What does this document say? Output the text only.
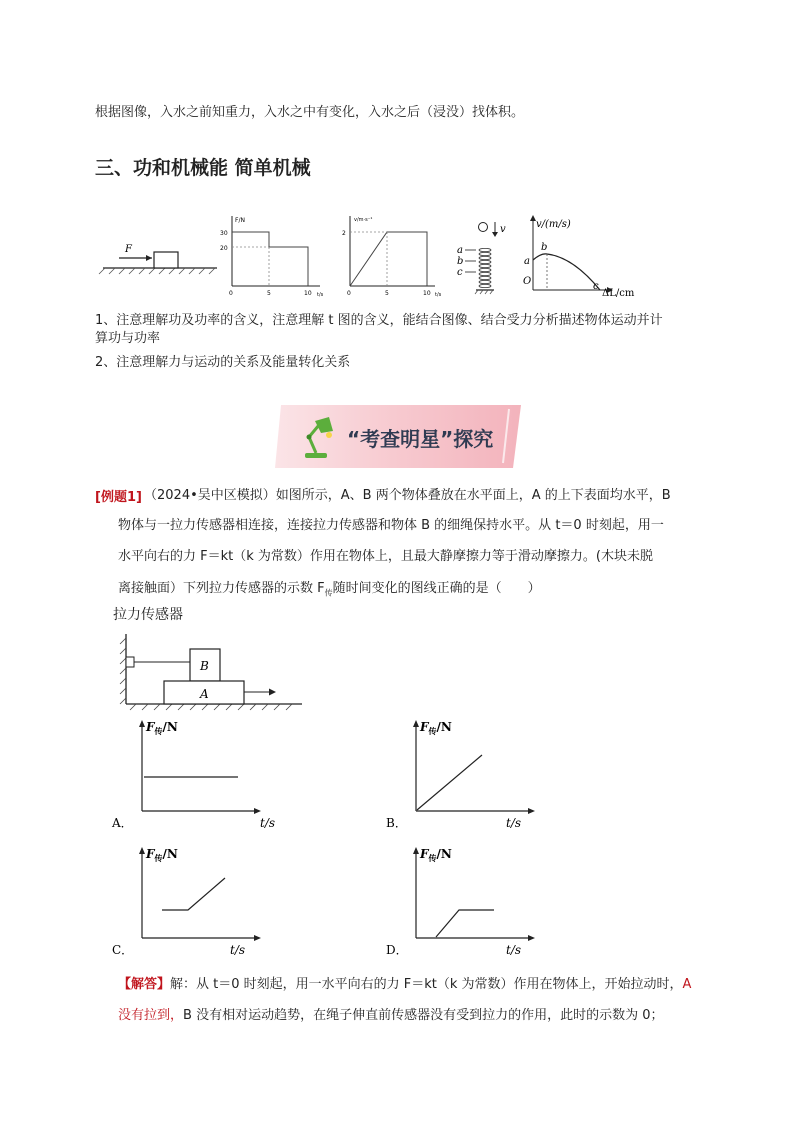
根据图像，入水之前知重力，入水之中有变化，入水之后（浸没）找体积。
三、功和机械能 简单机械
F
F/N
30
20
0	5	10 t/s
v/m·s⁻¹
2
0	5	10 t/s
v
a
b
c
v/(m/s)
a
b
O	c
ΔL/cm
1、注意理解功及功率的含义，注意理解 t 图的含义，能结合图像、结合受力分析描述物体运动并计
算功与功率
2、注意理解力与运动的关系及能量转化关系
“考查明星”探究
[例题1] （2024•吴中区模拟）如图所示，A、B 两个物体叠放在水平面上，A 的上下表面均水平，B
物体与一拉力传感器相连接，连接拉力传感器和物体 B 的细绳保持水平。从 t＝0 时刻起，用一
水平向右的力 F＝kt（k 为常数）作用在物体上，且最大静摩擦力等于滑动摩擦力。(木块未脱
离接触面）下列拉力传感器的示数 $F_传$随时间变化的图线正确的是（　　）
拉力传感器
B
A
$F_传/N$
A．	t/s
$F_传/N$
B．	t/s
$F_传/N$
C．	t/s
$F_传/N$
D．	t/s
【解答】解：从 t＝0 时刻起，用一水平向右的力 F＝kt（k 为常数）作用在物体上，开始拉动时，A
没有拉到，B 没有相对运动趋势，在绳子伸直前传感器没有受到拉力的作用，此时的示数为 0；
